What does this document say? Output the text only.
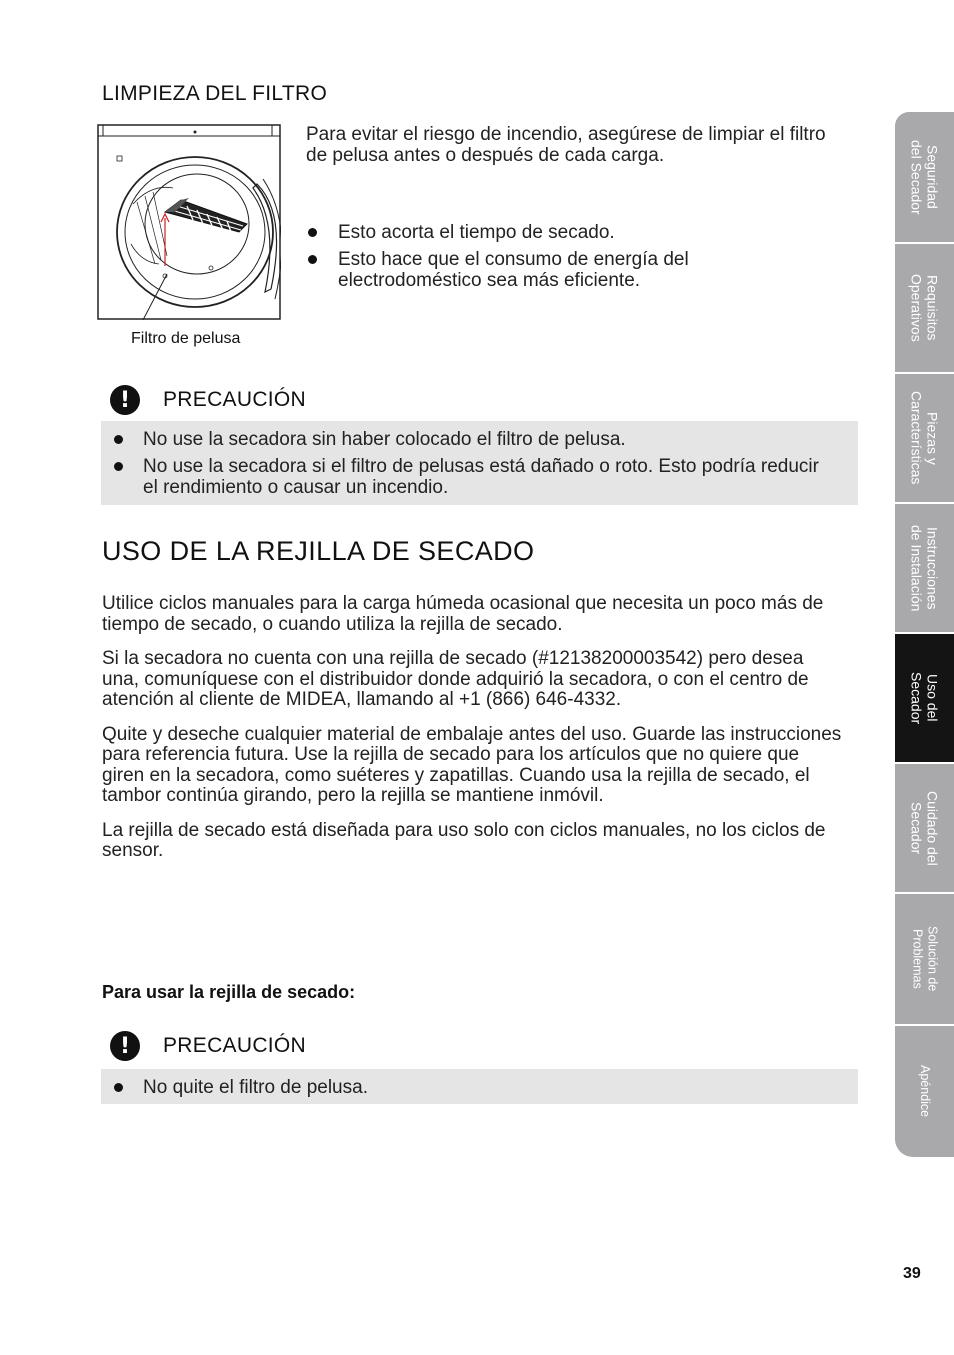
LIMPIEZA DEL FILTRO
Filtro de pelusa
Para evitar el riesgo de incendio, asegúrese de limpiar el filtro de pelusa antes o después de cada carga.
Esto acorta el tiempo de secado.
Esto hace que el consumo de energía del electrodoméstico sea más eficiente.
!	PRECAUCIÓN
No use la secadora sin haber colocado el filtro de pelusa.
No use la secadora si el filtro de pelusas está dañado o roto. Esto podría reducir el rendimiento o causar un incendio.
USO DE LA REJILLA DE SECADO

Utilice ciclos manuales para la carga húmeda ocasional que necesita un poco más de tiempo de secado, o cuando utiliza la rejilla de secado.

Si la secadora no cuenta con una rejilla de secado (#12138200003542) pero desea una, comuníquese con el distribuidor donde adquirió la secadora, o con el centro de atención al cliente de MIDEA, llamando al +1 (866) 646-4332.

Quite y deseche cualquier material de embalaje antes del uso. Guarde las instrucciones para referencia futura. Use la rejilla de secado para los artículos que no quiere que giren en la secadora, como suéteres y zapatillas. Cuando usa la rejilla de secado, el tambor continúa girando, pero la rejilla se mantiene inmóvil.

La rejilla de secado está diseñada para uso solo con ciclos manuales, no los ciclos de sensor.

Para usar la rejilla de secado:
!	PRECAUCIÓN
No quite el filtro de pelusa.
Seguridad
del Secador
Requisitos
Operativos
Piezas y
Características
Instrucciones
de Instalación
Uso del
Secador
Cuidado del
Secador
Solución de
Problemas
Apéndice
39
